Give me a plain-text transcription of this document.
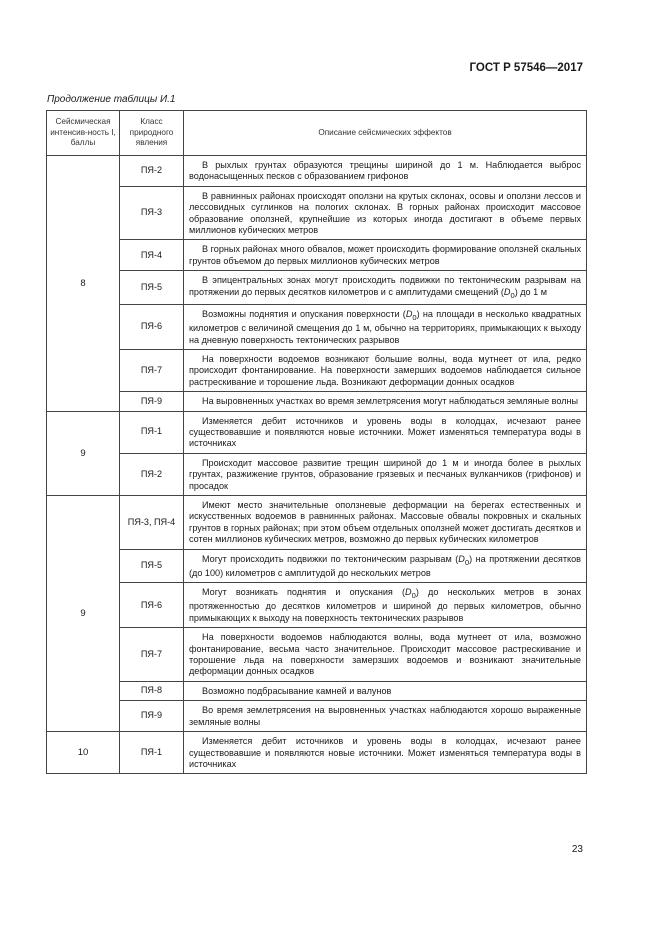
ГОСТ Р 57546—2017
Продолжение таблицы И.1
Сейсмическая интенсив-ность I, баллы	Класс природного явления	Описание сейсмических эффектов
8	ПЯ-2	В рыхлых грунтах образуются трещины шириной до 1 м. Наблюдается выброс водонасыщенных песков с образованием грифонов

	ПЯ-3	В равнинных районах происходят оползни на крутых склонах, осовы и оползни лессов и лессовидных суглинков на пологих склонах. В горных районах происходит массовое образование оползней, крупнейшие из которых иногда достигают в объеме первых миллионов кубических метров

	ПЯ-4	В горных районах много обвалов, может происходить формирование оползней скальных грунтов объемом до первых миллионов кубических метров

	ПЯ-5	В эпицентральных зонах могут происходить подвижки по тектоническим разрывам на протяжении до первых десятков километров и с амплитудами смещений $(D_0)$ до 1 м

	ПЯ-6	Возможны поднятия и опускания поверхности $(D_0)$ на площади в несколько квадратных километров с величиной смещения до 1 м, обычно на территориях, примыкающих к выходу на дневную поверхность тектонических разрывов

	ПЯ-7	На поверхности водоемов возникают большие волны, вода мутнеет от ила, редко происходит фонтанирование. На поверхности замерших водоемов наблюдается сильное растрескивание и торошение льда. Возникают деформации донных осадков

	ПЯ-9	На выровненных участках во время землетрясения могут наблюдаться земляные волны

9	ПЯ-1	Изменяется дебит источников и уровень воды в колодцах, исчезают ранее существовавшие и появляются новые источники. Может изменяться температура воды в источниках

	ПЯ-2	Происходит массовое развитие трещин шириной до 1 м и иногда более в рыхлых грунтах, разжижение грунтов, образование грязевых и песчаных вулканчиков (грифонов) и просадок

9	ПЯ-3, ПЯ-4	Имеют место значительные оползневые деформации на берегах естественных и искусственных водоемов в равнинных районах. Массовые обвалы покровных и скальных грунтов в горных районах; при этом объем отдельных оползней может достигать десятков и сотен миллионов кубических метров, возможно до первых кубических километров

	ПЯ-5	Могут происходить подвижки по тектоническим разрывам $(D_0)$ на протяжении десятков (до 100) километров с амплитудой до нескольких метров

	ПЯ-6	Могут возникать поднятия и опускания $(D_0)$ до нескольких метров в зонах протяженностью до десятков километров и шириной до первых километров, обычно примыкающих к выходу на поверхность тектонических разрывов

	ПЯ-7	На поверхности водоемов наблюдаются волны, вода мутнеет от ила, возможно фонтанирование, весьма часто значительное. Происходит массовое растрескивание и торошение льда на поверхности замерзших водоемов и возникают значительные деформации донных осадков

	ПЯ-8	Возможно подбрасывание камней и валунов

	ПЯ-9	Во время землетрясения на выровненных участках наблюдаются хорошо выраженные земляные волны

10	ПЯ-1	Изменяется дебит источников и уровень воды в колодцах, исчезают ранее существовавшие и появляются новые источники. Может изменяться температура воды в источниках
23
